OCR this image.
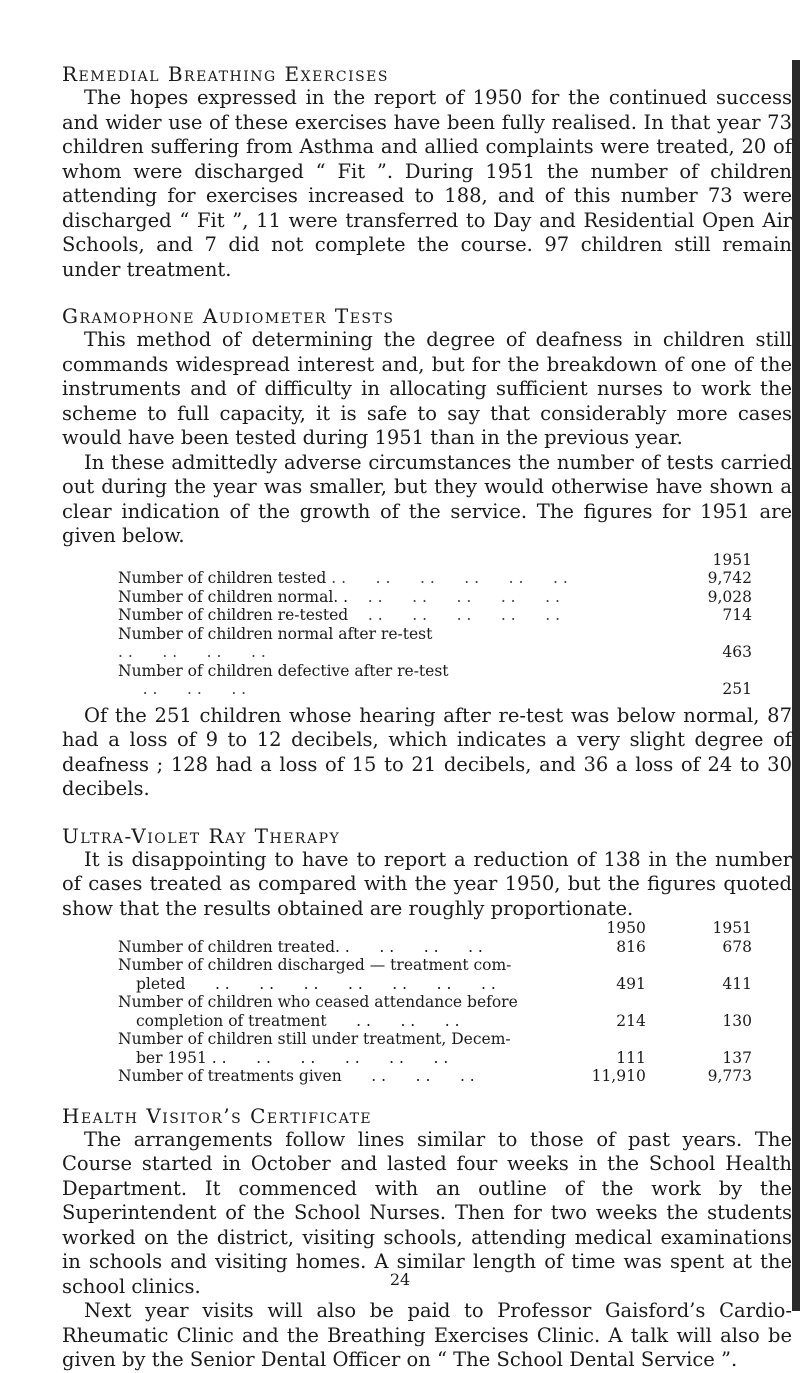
Remedial Breathing Exercises

The hopes expressed in the report of 1950 for the continued success and wider use of these exercises have been fully realised. In that year 73 children suffering from Asthma and allied complaints were treated, 20 of whom were discharged “ Fit ”. During 1951 the number of children attending for exercises increased to 188, and of this number 73 were discharged “ Fit ”, 11 were transferred to Day and Residential Open Air Schools, and 7 did not complete the course. 97 children still remain under treatment.

Gramophone Audiometer Tests

This method of determining the degree of deafness in children still commands widespread interest and, but for the breakdown of one of the instruments and of difficulty in allocating sufficient nurses to work the scheme to full capacity, it is safe to say that considerably more cases would have been tested during 1951 than in the previous year.

In these admittedly adverse circumstances the number of tests carried out during the year was smaller, but they would otherwise have shown a clear indication of the growth of the service. The figures for 1951 are given below.

	1951
Number of children tested . .      . .      . .      . .      . .      . .	9,742
Number of children normal. .    . .      . .      . .      . .      . .	9,028
Number of children re-tested    . .      . .      . .      . .      . .	714
Number of children normal after re-test . .      . .      . .      . .	463
Number of children defective after re-test      . .      . .      . .	251

Of the 251 children whose hearing after re-test was below normal, 87 had a loss of 9 to 12 decibels, which indicates a very slight degree of deafness ; 128 had a loss of 15 to 21 decibels, and 36 a loss of 24 to 30 decibels.

Ultra-Violet Ray Therapy

It is disappointing to have to report a reduction of 138 in the number of cases treated as compared with the year 1950, but the figures quoted show that the results obtained are roughly proportionate.

	1950	1951
Number of children treated. .      . .      . .      . .	816	678
Number of children discharged — treatment com-
pleted      . .      . .      . .      . .      . .      . .      . .	491	411
Number of children who ceased attendance before
completion of treatment      . .      . .      . .	214	130
Number of children still under treatment, Decem-
ber 1951 . .      . .      . .      . .      . .      . .	111	137
Number of treatments given      . .      . .      . .	11,910	9,773
Health Visitor’s Certificate

The arrangements follow lines similar to those of past years. The Course started in October and lasted four weeks in the School Health Department. It commenced with an outline of the work by the Superintendent of the School Nurses. Then for two weeks the students worked on the district, visiting schools, attending medical examinations in schools and visiting homes. A similar length of time was spent at the school clinics.

Next year visits will also be paid to Professor Gaisford’s Cardio-Rheumatic Clinic and the Breathing Exercises Clinic. A talk will also be given by the Senior Dental Officer on “ The School Dental Service ”.

24
